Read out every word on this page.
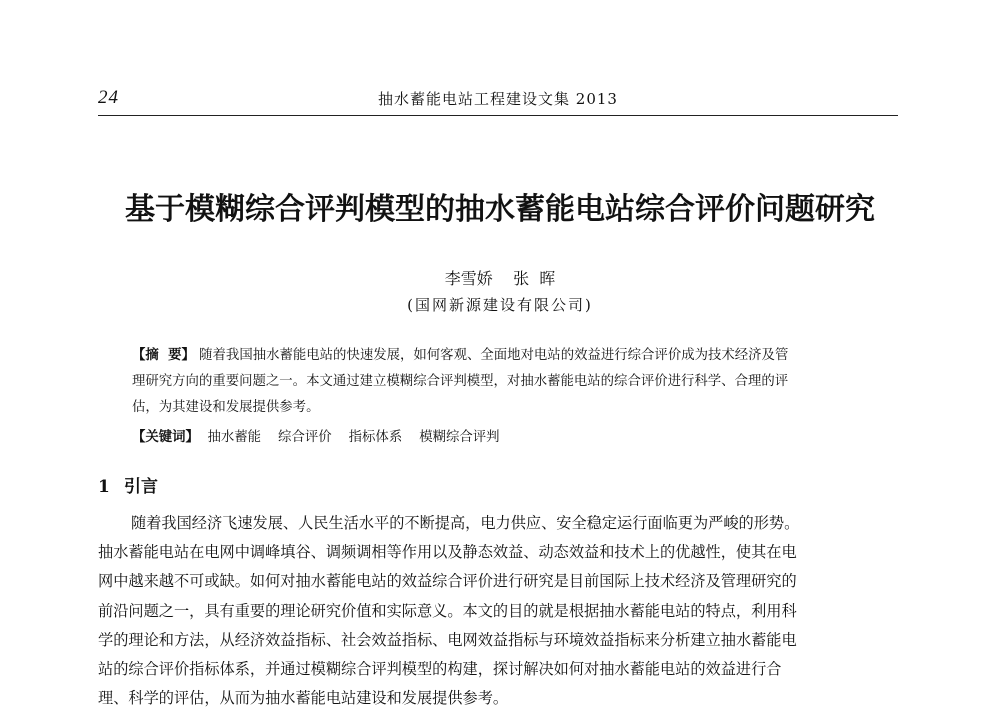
24	抽水蓄能电站工程建设文集 2013
基于模糊综合评判模型的抽水蓄能电站综合评价问题研究
李雪娇    张  晖
(国网新源建设有限公司)
【摘  要】 随着我国抽水蓄能电站的快速发展，如何客观、全面地对电站的效益进行综合评价成为技术经济及管
理研究方向的重要问题之一。本文通过建立模糊综合评判模型，对抽水蓄能电站的综合评价进行科学、合理的评
估，为其建设和发展提供参考。
【关键词】 抽水蓄能    综合评价    指标体系    模糊综合评判
1 引言
随着我国经济飞速发展、人民生活水平的不断提高，电力供应、安全稳定运行面临更为严峻的形势。
抽水蓄能电站在电网中调峰填谷、调频调相等作用以及静态效益、动态效益和技术上的优越性，使其在电
网中越来越不可或缺。如何对抽水蓄能电站的效益综合评价进行研究是目前国际上技术经济及管理研究的
前沿问题之一，具有重要的理论研究价值和实际意义。本文的目的就是根据抽水蓄能电站的特点，利用科
学的理论和方法，从经济效益指标、社会效益指标、电网效益指标与环境效益指标来分析建立抽水蓄能电
站的综合评价指标体系，并通过模糊综合评判模型的构建，探讨解决如何对抽水蓄能电站的效益进行合
理、科学的评估，从而为抽水蓄能电站建设和发展提供参考。
